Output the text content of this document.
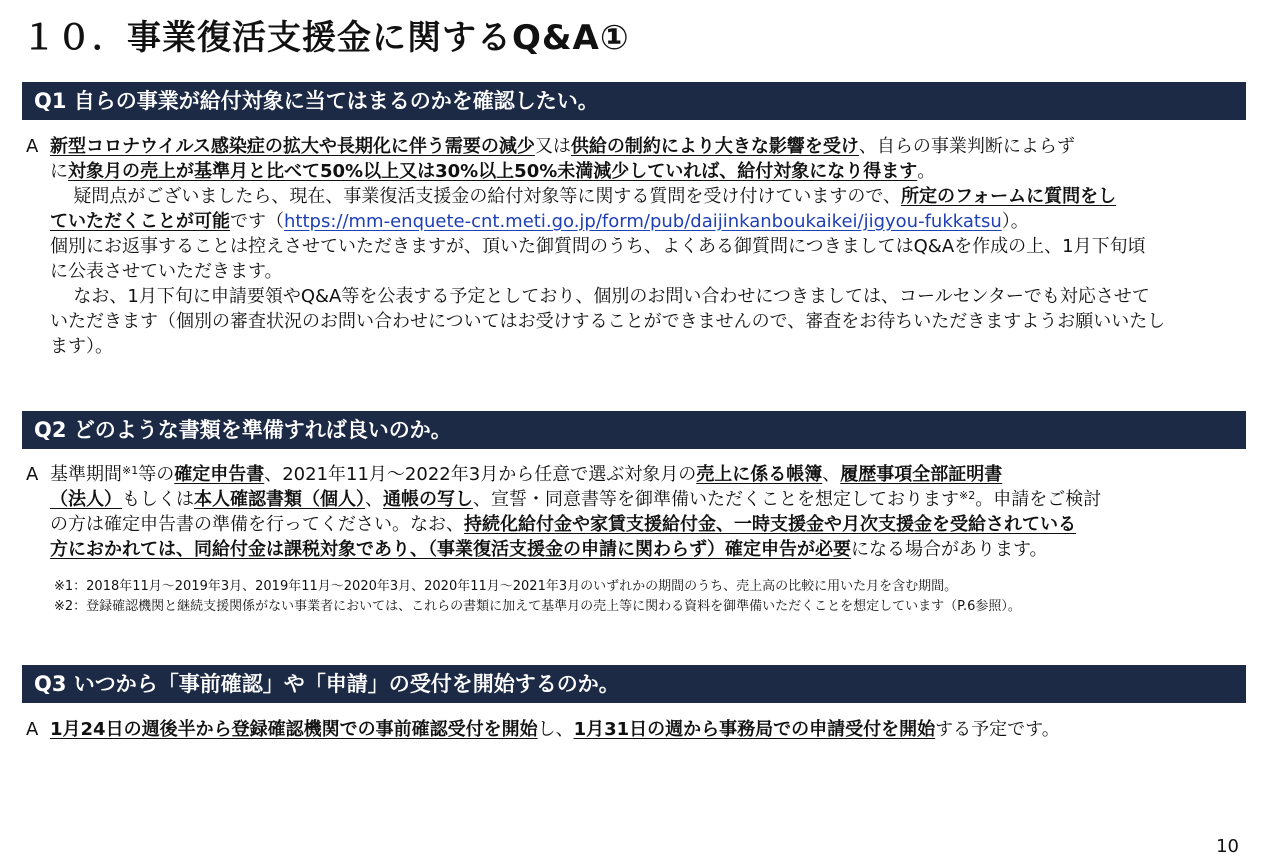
１０．事業復活支援金に関するQ&A①
Q1 自らの事業が給付対象に当てはまるのかを確認したい。
A 新型コロナウイルス感染症の拡大や長期化に伴う需要の減少又は供給の制約により大きな影響を受け、自らの事業判断によらず
に対象月の売上が基準月と比べて50%以上又は30%以上50%未満減少していれば、給付対象になり得ます。
疑問点がございましたら、現在、事業復活支援金の給付対象等に関する質問を受け付けていますので、所定のフォームに質問をし
ていただくことが可能です（https://mm-enquete-cnt.meti.go.jp/form/pub/daijinkanboukaikei/jigyou-fukkatsu）。
個別にお返事することは控えさせていただきますが、頂いた御質問のうち、よくある御質問につきましてはQ&Aを作成の上、1月下旬頃
に公表させていただきます。
なお、1月下旬に申請要領やQ&A等を公表する予定としており、個別のお問い合わせにつきましては、コールセンターでも対応させて
いただきます（個別の審査状況のお問い合わせについてはお受けすることができませんので、審査をお待ちいただきますようお願いいたし
ます）。
Q2 どのような書類を準備すれば良いのか。
A 基準期間$^{※1}$等の確定申告書、2021年11月～2022年3月から任意で選ぶ対象月の売上に係る帳簿、履歴事項全部証明書
（法人）もしくは本人確認書類（個人）、通帳の写し、宣誓・同意書等を御準備いただくことを想定しております$^{※2}$。申請をご検討
の方は確定申告書の準備を行ってください。なお、持続化給付金や家賃支援給付金、一時支援金や月次支援金を受給されている
方におかれては、同給付金は課税対象であり、（事業復活支援金の申請に関わらず）確定申告が必要になる場合があります。
※1：2018年11月～2019年3月、2019年11月～2020年3月、2020年11月～2021年3月のいずれかの期間のうち、売上高の比較に用いた月を含む期間。
※2：登録確認機関と継続支援関係がない事業者においては、これらの書類に加えて基準月の売上等に関わる資料を御準備いただくことを想定しています（P.6参照）。
Q3 いつから「事前確認」や「申請」の受付を開始するのか。
A 1月24日の週後半から登録確認機関での事前確認受付を開始し、1月31日の週から事務局での申請受付を開始する予定です。
10
